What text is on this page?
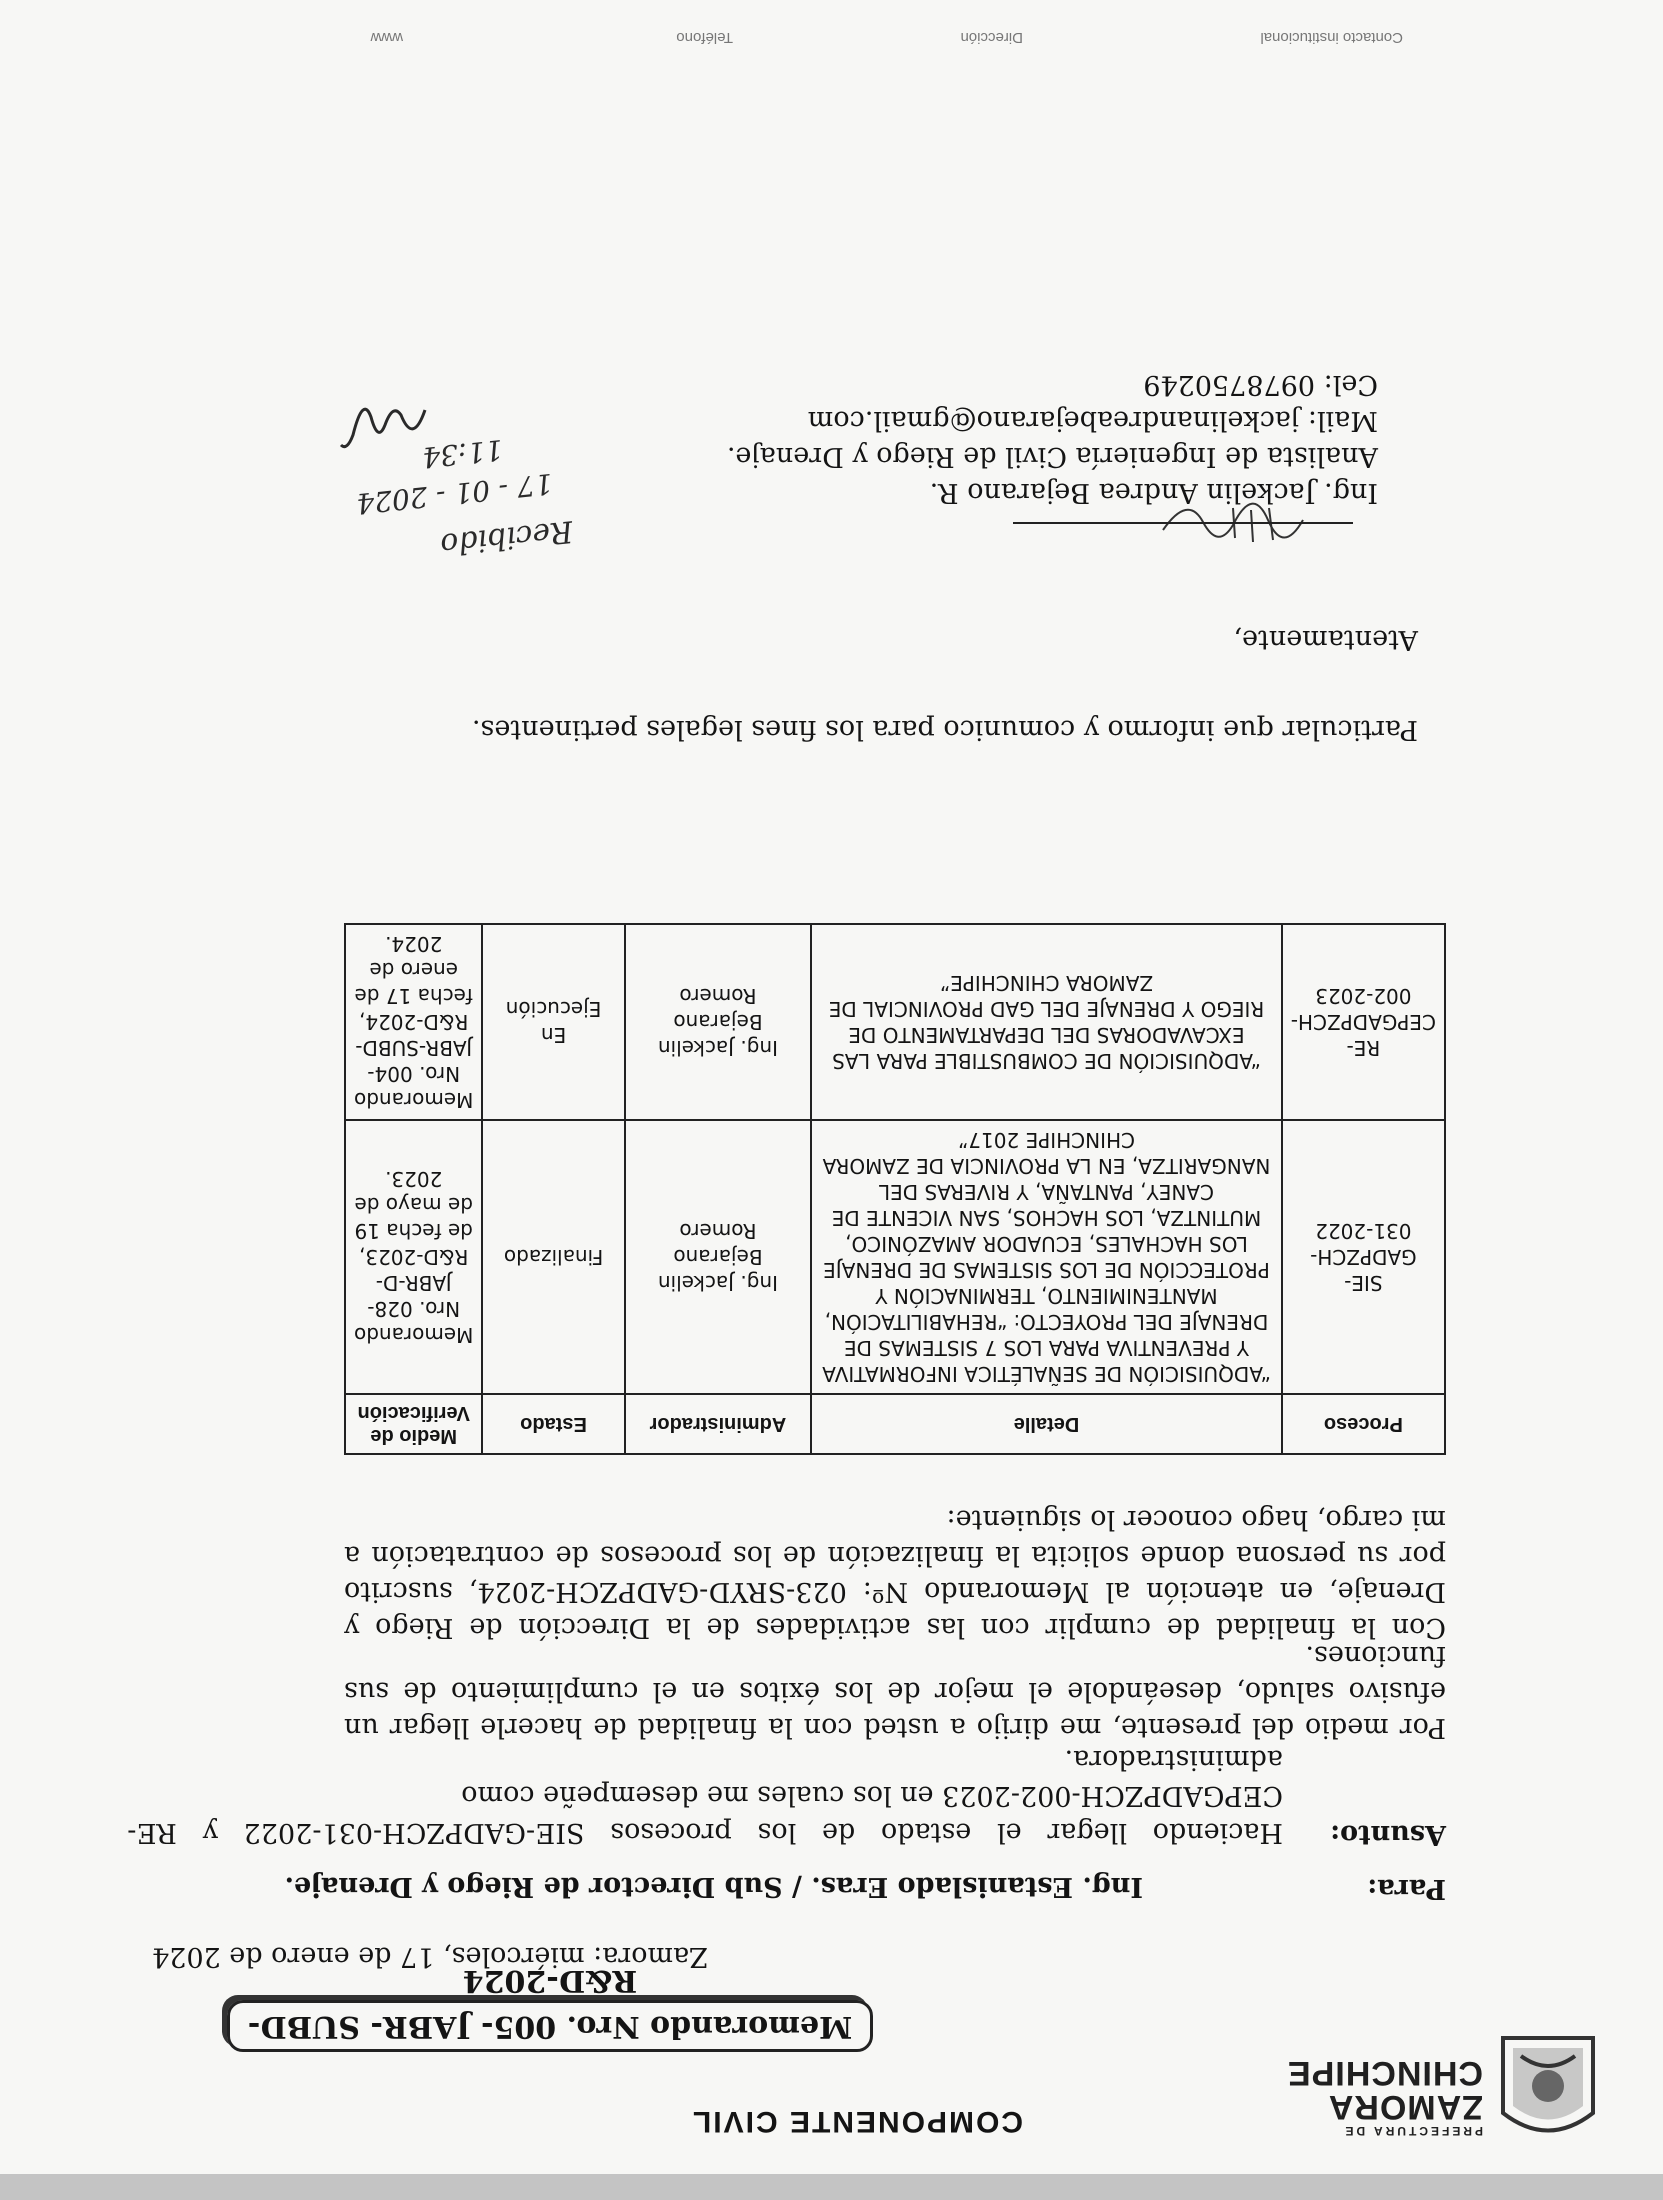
PREFECTURA DE
ZAMORA
CHINCHIPE
COMPONENTE CIVIL
Memorando Nro. 005- JABR- SUBD-R&D-2024
Zamora: miércoles, 17 de enero de 2024
Para:
Ing. Estanislado Eras. / Sub Director de Riego y Drenaje.
Asunto:
Haciendo   llegar   el   estado   de   los   procesos   SIE-GADPZCH-031-2022   y   RE-
CEPGADPZCH-002-2023 en los cuales me desempeñe como administradora.
Por medio del presente, me dirijo a usted con la finalidad de hacerle llegar un efusivo saludo, deseándole el mejor de los éxitos en el cumplimiento de sus funciones.
Con la finalidad de cumplir con las actividades de la Dirección de Riego y Drenaje, en atención al Memorando Nº: 023-SRYD-GADPZCH-2024, suscrito por su persona donde solicita la finalización de los procesos de contratación a mi cargo, hago conocer lo siguiente:
Proceso	Detalle	Administrador	Estado	Medio de Verificación
SIE-GADPZCH-031-2022	“ADQUISICIÓN DE SEÑALÉTICA INFORMATIVA Y PREVENTIVA PARA LOS 7 SISTEMAS DE DRENAJE DEL PROYECTO: “REHABILITACIÓN, MANTENIMIENTO, TERMINACIÓN Y PROTECCIÓN DE LOS SISTEMAS DE DRENAJE LOS HACHALES, ECUADOR AMAZÓNICO, MUTINTZA, LOS HACHOS, SAN VICENTE DE CANEY, PANTAÑA, Y RIVERAS DEL NANGARITZA, EN LA PROVINCIA DE ZAMORA CHINCHIPE 2017”	Ing. Jackelin Bejarano Romero	Finalizado	Memorando Nro. 028- JABR-D-R&D-2023, de fecha 19 de mayo de 2023.
RE-CEPGADPZCH-002-2023	“ADQUISICIÓN DE COMBUSTIBLE PARA LAS EXCAVADORAS DEL DEPARTAMENTO DE RIEGO Y DRENAJE DEL GAD PROVINCIAL DE ZAMORA CHINCHIPE”	Ing. Jackelin Bejarano Romero	En Ejecución	Memorando Nro. 004- JABR-SUBD-R&D-2024, fecha 17 de enero de 2024.
Particular que informo y comunico para los fines legales pertinentes.
Atentamente,
Ing. Jackelin Andrea Bejarano R.
Analista de Ingeniería Civil de Riego y Drenaje.
Mail: jackelinandreabejarano@gmail.com
Cel: 0978750249
Recibido
17 - 01 - 2024
11:34
Contacto institucional
Dirección
Teléfono
www
